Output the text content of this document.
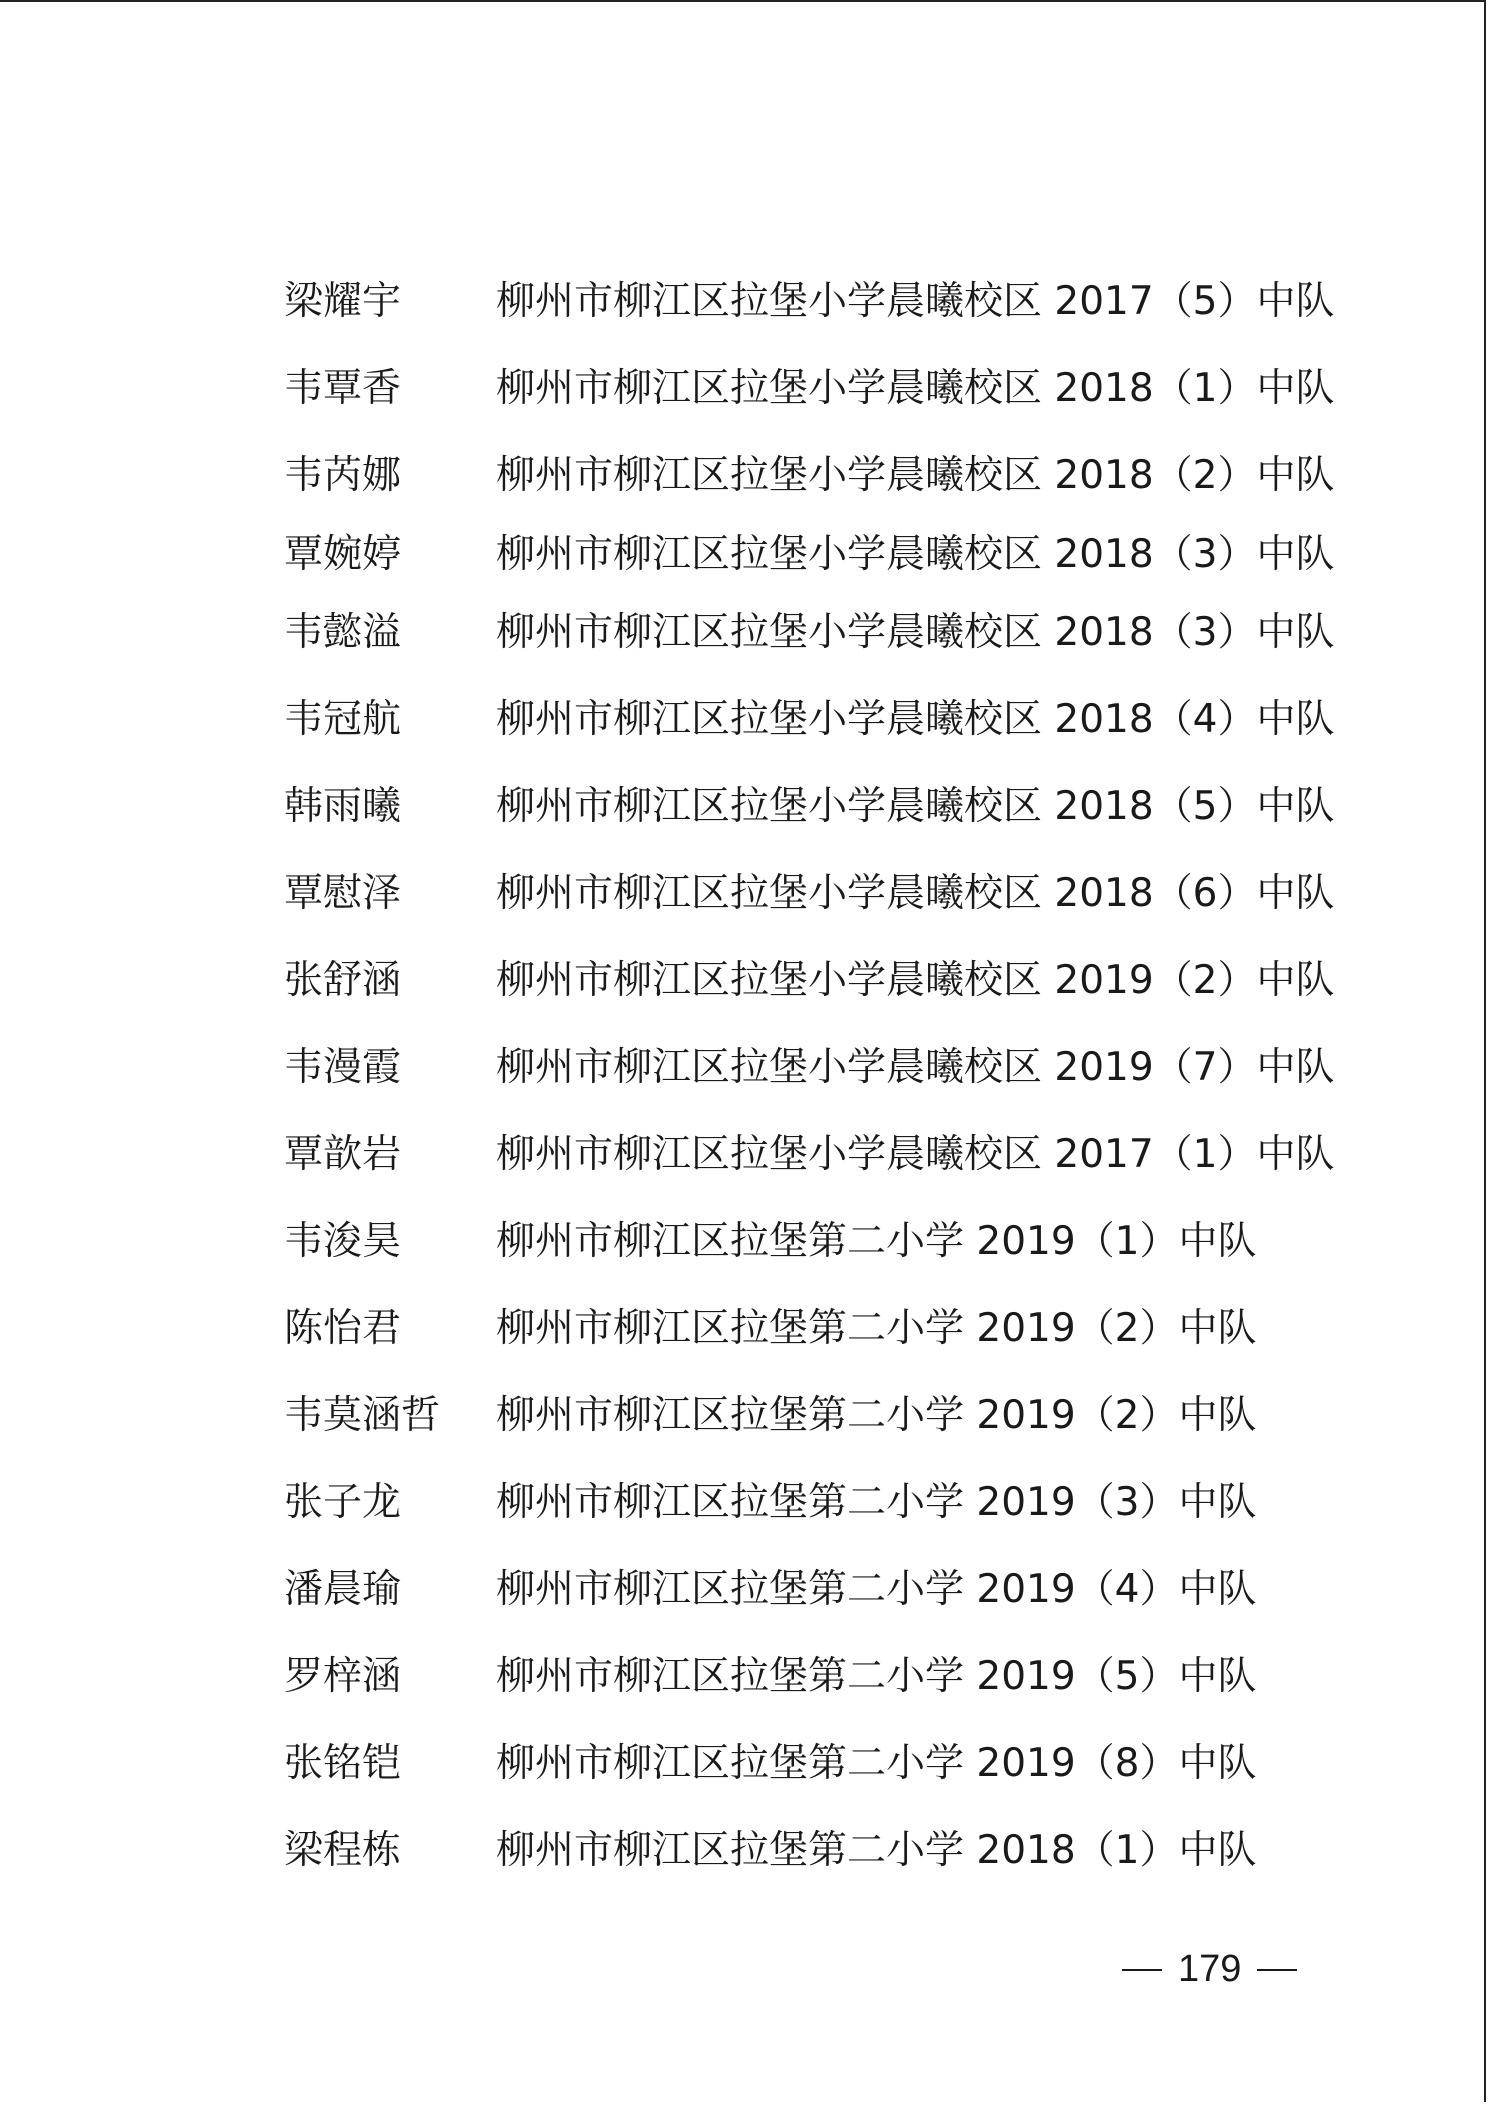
梁耀宇	柳州市柳江区拉堡小学晨曦校区 2017（5）中队
韦覃香	柳州市柳江区拉堡小学晨曦校区 2018（1）中队
韦芮娜	柳州市柳江区拉堡小学晨曦校区 2018（2）中队
覃婉婷	柳州市柳江区拉堡小学晨曦校区 2018（3）中队
韦懿溢	柳州市柳江区拉堡小学晨曦校区 2018（3）中队
韦冠航	柳州市柳江区拉堡小学晨曦校区 2018（4）中队
韩雨曦	柳州市柳江区拉堡小学晨曦校区 2018（5）中队
覃慰泽	柳州市柳江区拉堡小学晨曦校区 2018（6）中队
张舒涵	柳州市柳江区拉堡小学晨曦校区 2019（2）中队
韦漫霞	柳州市柳江区拉堡小学晨曦校区 2019（7）中队
覃歆岩	柳州市柳江区拉堡小学晨曦校区 2017（1）中队
韦浚昊	柳州市柳江区拉堡第二小学 2019（1）中队
陈怡君	柳州市柳江区拉堡第二小学 2019（2）中队
韦莫涵哲	柳州市柳江区拉堡第二小学 2019（2）中队
张子龙	柳州市柳江区拉堡第二小学 2019（3）中队
潘晨瑜	柳州市柳江区拉堡第二小学 2019（4）中队
罗梓涵	柳州市柳江区拉堡第二小学 2019（5）中队
张铭铠	柳州市柳江区拉堡第二小学 2019（8）中队
梁程栋	柳州市柳江区拉堡第二小学 2018（1）中队
179
